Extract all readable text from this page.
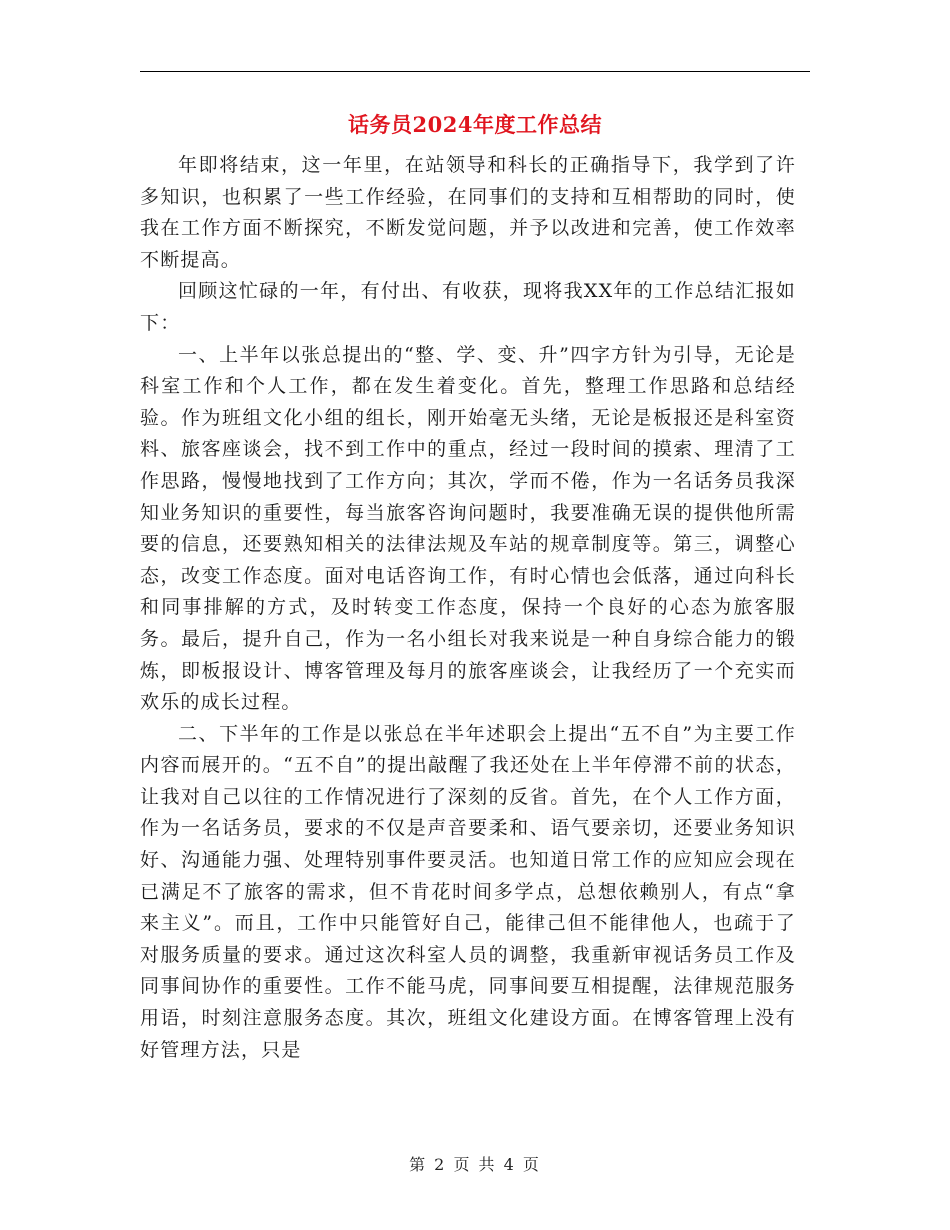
话务员2024年度工作总结

年即将结束，这一年里，在站领导和科长的正确指导下，我学到了许多知识，也积累了一些工作经验，在同事们的支持和互相帮助的同时，使我在工作方面不断探究，不断发觉问题，并予以改进和完善，使工作效率不断提高。

回顾这忙碌的一年，有付出、有收获，现将我XX年的工作总结汇报如下：

一、上半年以张总提出的“整、学、变、升”四字方针为引导，无论是科室工作和个人工作，都在发生着变化。首先，整理工作思路和总结经验。作为班组文化小组的组长，刚开始毫无头绪，无论是板报还是科室资料、旅客座谈会，找不到工作中的重点，经过一段时间的摸索、理清了工作思路，慢慢地找到了工作方向；其次，学而不倦，作为一名话务员我深知业务知识的重要性，每当旅客咨询问题时，我要准确无误的提供他所需要的信息，还要熟知相关的法律法规及车站的规章制度等。第三，调整心态，改变工作态度。面对电话咨询工作，有时心情也会低落，通过向科长和同事排解的方式，及时转变工作态度，保持一个良好的心态为旅客服务。最后，提升自己，作为一名小组长对我来说是一种自身综合能力的锻炼，即板报设计、博客管理及每月的旅客座谈会，让我经历了一个充实而欢乐的成长过程。

二、下半年的工作是以张总在半年述职会上提出“五不自”为主要工作内容而展开的。“五不自”的提出敲醒了我还处在上半年停滞不前的状态，让我对自己以往的工作情况进行了深刻的反省。首先，在个人工作方面，作为一名话务员，要求的不仅是声音要柔和、语气要亲切，还要业务知识好、沟通能力强、处理特别事件要灵活。也知道日常工作的应知应会现在已满足不了旅客的需求，但不肯花时间多学点，总想依赖别人，有点“拿来主义”。而且，工作中只能管好自己，能律己但不能律他人，也疏于了对服务质量的要求。通过这次科室人员的调整，我重新审视话务员工作及同事间协作的重要性。工作不能马虎，同事间要互相提醒，法律规范服务用语，时刻注意服务态度。其次，班组文化建设方面。在博客管理上没有好管理方法，只是

第 2 页 共 4 页
